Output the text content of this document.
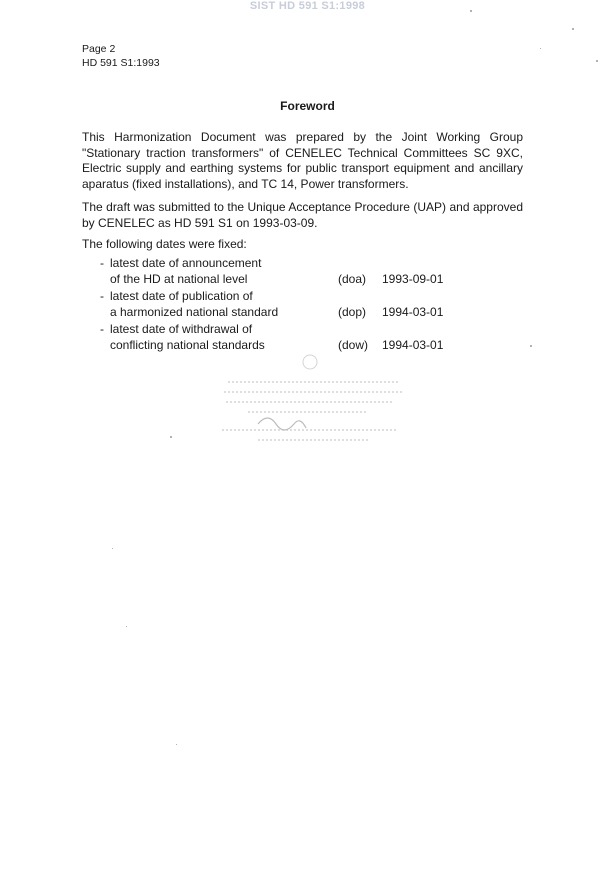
SIST HD 591 S1:1998
Page 2
HD 591 S1:1993
Foreword
This Harmonization Document was prepared by the Joint Working Group "Stationary traction transformers" of CENELEC Technical Committees SC 9XC, Electric supply and earthing systems for public transport equipment and ancillary aparatus (fixed installations), and TC 14, Power transformers.
The draft was submitted to the Unique Acceptance Procedure (UAP) and approved by CENELEC as HD 591 S1 on 1993-03-09.
The following dates were fixed:
- latest date of announcement
of the HD at national level	(doa)	1993-09-01
- latest date of publication of
a harmonized national standard	(dop)	1994-03-01
- latest date of withdrawal of
conflicting national standards	(dow)	1994-03-01
